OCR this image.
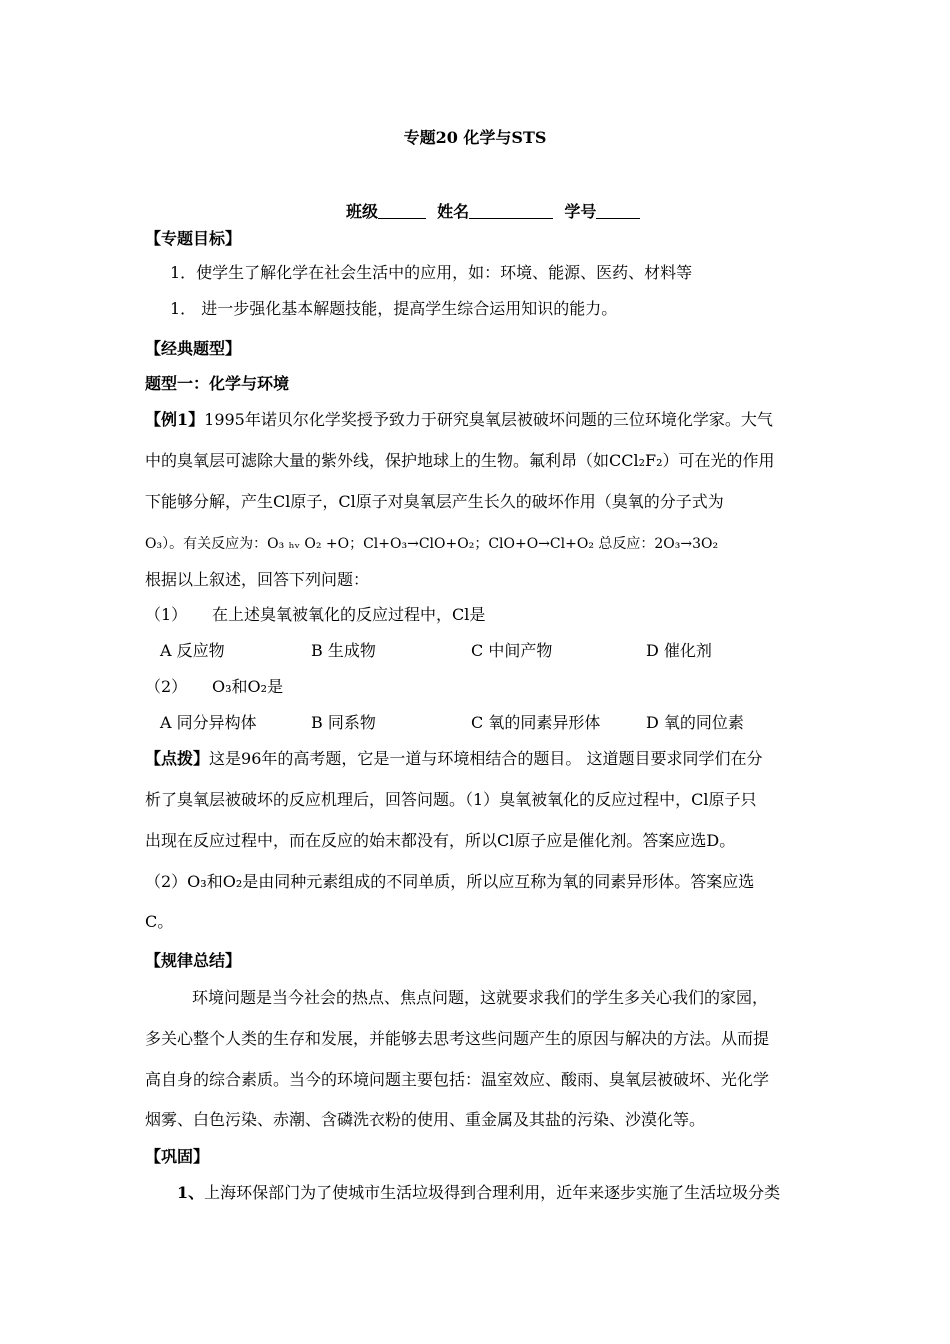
专题20 化学与STS
班级	姓名	学号
【专题目标】
1．使学生了解化学在社会生活中的应用，如：环境、能源、医药、材料等
1． 进一步强化基本解题技能，提高学生综合运用知识的能力。
【经典题型】
题型一：化学与环境
【例1】1995年诺贝尔化学奖授予致力于研究臭氧层被破坏问题的三位环境化学家。大气
中的臭氧层可滤除大量的紫外线，保护地球上的生物。氟利昂（如CCl₂F₂）可在光的作用
下能够分解，产生Cl原子，Cl原子对臭氧层产生长久的破坏作用（臭氧的分子式为
O₃）。有关反应为：O₃ ₕᵥ O₂ +O；Cl+O₃→ClO+O₂；ClO+O→Cl+O₂ 总反应：2O₃→3O₂
根据以上叙述，回答下列问题：
（1） 在上述臭氧被氧化的反应过程中，Cl是
A 反应物	B 生成物	C 中间产物	D 催化剂
（2） O₃和O₂是
A 同分异构体	B 同系物	C 氧的同素异形体	D 氧的同位素
【点拨】这是96年的高考题，它是一道与环境相结合的题目。 这道题目要求同学们在分
析了臭氧层被破坏的反应机理后，回答问题。（1）臭氧被氧化的反应过程中，Cl原子只
出现在反应过程中，而在反应的始末都没有，所以Cl原子应是催化剂。答案应选D。
（2）O₃和O₂是由同种元素组成的不同单质，所以应互称为氧的同素异形体。答案应选
C。
【规律总结】
环境问题是当今社会的热点、焦点问题，这就要求我们的学生多关心我们的家园，
多关心整个人类的生存和发展，并能够去思考这些问题产生的原因与解决的方法。从而提
高自身的综合素质。当今的环境问题主要包括：温室效应、酸雨、臭氧层被破坏、光化学
烟雾、白色污染、赤潮、含磷洗衣粉的使用、重金属及其盐的污染、沙漠化等。
【巩固】
1、上海环保部门为了使城市生活垃圾得到合理利用，近年来逐步实施了生活垃圾分类
